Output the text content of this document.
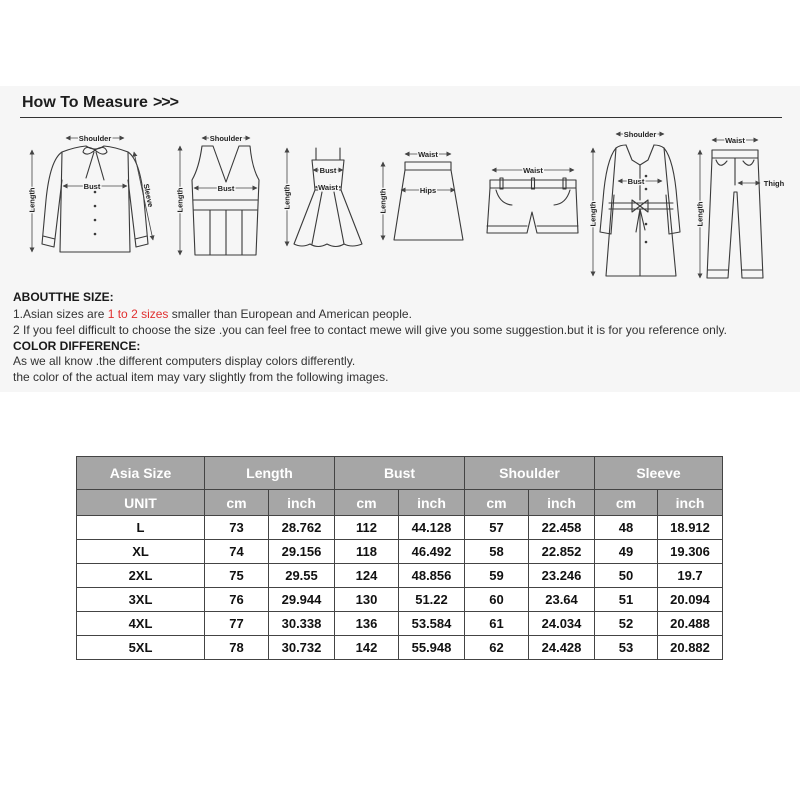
How To Measure >>>
Shoulder
Length
Bust	Sleeve
Shoulder
Length	Bust	Length
Bust
Waist
Waist
Hips
Length
Waist
Shoulder
Bust
Length
Waist
Length
Thigh
ABOUTTHE SIZE:
1.Asian sizes are 1 to 2 sizes smaller than European and American people.
2 If you feel difficult to choose the size .you can feel free to contact mewe will give you some suggestion.but it is for you reference only.
COLOR DIFFERENCE:
As we all know .the different computers display colors differently.
the color of the actual item may vary slightly from the following images.
Asia Size	Length		Bust		Shoulder		Sleeve	
UNIT	cm	inch	cm	inch	cm	inch	cm	inch
L	73	28.762	112	44.128	57	22.458	48	18.912
XL	74	29.156	118	46.492	58	22.852	49	19.306
2XL	75	29.55	124	48.856	59	23.246	50	19.7
3XL	76	29.944	130	51.22	60	23.64	51	20.094
4XL	77	30.338	136	53.584	61	24.034	52	20.488
5XL	78	30.732	142	55.948	62	24.428	53	20.882
